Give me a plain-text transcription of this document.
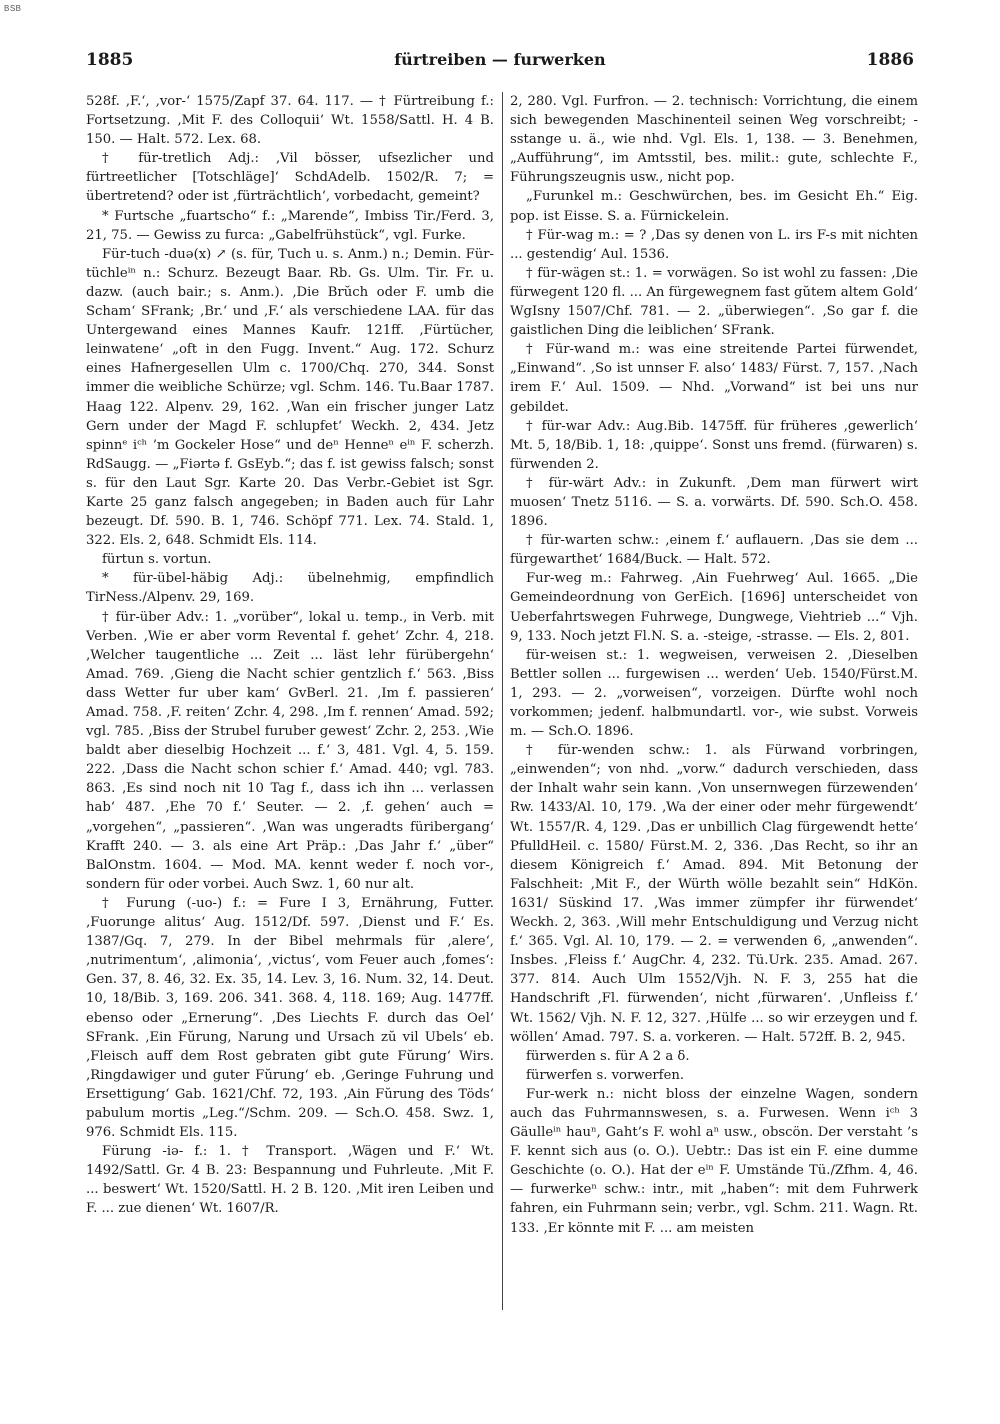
BSB
1885	fürtreiben — furwerken	1886

528f. ‚F.‘, ‚vor-‘ 1575/Zapf 37. 64. 117. — † Fürtreibung f.: Fortsetzung. ‚Mit F. des Colloquii‘ Wt. 1558/Sattl. H. 4 B. 150. — Halt. 572. Lex. 68.

† für-tretlich Adj.: ‚Vil bösser, ufsezlicher und fürtreetlicher [Totschläge]‘ SchdAdelb. 1502/R. 7; = übertretend? oder ist ‚fürträchtlich‘, vorbedacht, gemeint?

* Furtsche „fuartscho“ f.: „Marende“, Imbiss Tir./Ferd. 3, 21, 75. — Gewiss zu furca: „Gabelfrühstück“, vgl. Furke.

Für-tuch -duə(x) ↗ (s. für, Tuch u. s. Anm.) n.; Demin. Für-tüchleⁱⁿ n.: Schurz. Bezeugt Baar. Rb. Gs. Ulm. Tir. Fr. u. dazw. (auch bair.; s. Anm.). ‚Die Brŭch oder F. umb die Scham‘ SFrank; ‚Br.‘ und ‚F.‘ als verschiedene LAA. für das Untergewand eines Mannes Kaufr. 121ff. ‚Fürtücher, leinwatene‘ „oft in den Fugg. Invent.“ Aug. 172. Schurz eines Hafnergesellen Ulm c. 1700/Chq. 270, 344. Sonst immer die weibliche Schürze; vgl. Schm. 146. Tu.Baar 1787. Haag 122. Alpenv. 29, 162. ‚Wan ein frischer junger Latz Gern under der Magd F. schlupfet‘ Weckh. 2, 434. Jetz spinnᵉ iᶜʰ ’m Gockeler Hose“ und deⁿ Henneⁿ eⁱⁿ F. scherzh. RdSaugg. — „Fiərtə f. GsEyb.“; das f. ist gewiss falsch; sonst s. für den Laut Sgr. Karte 20. Das Verbr.-Gebiet ist Sgr. Karte 25 ganz falsch angegeben; in Baden auch für Lahr bezeugt. Df. 590. B. 1, 746. Schöpf 771. Lex. 74. Stald. 1, 322. Els. 2, 648. Schmidt Els. 114.

fürtun s. vortun.

* für-übel-häbig Adj.: übelnehmig, empfindlich TirNess./Alpenv. 29, 169.

† für-über Adv.: 1. „vorüber“, lokal u. temp., in Verb. mit Verben. ‚Wie er aber vorm Revental f. gehet‘ Zchr. 4, 218. ‚Welcher taugentliche ... Zeit ... läst lehr fürübergehn‘ Amad. 769. ‚Gieng die Nacht schier gentzlich f.‘ 563. ‚Biss dass Wetter fur uber kam‘ GvBerl. 21. ‚Im f. passieren‘ Amad. 758. ‚F. reiten‘ Zchr. 4, 298. ‚Im f. rennen‘ Amad. 592; vgl. 785. ‚Biss der Strubel furuber gewest‘ Zchr. 2, 253. ‚Wie baldt aber dieselbig Hochzeit ... f.‘ 3, 481. Vgl. 4, 5. 159. 222. ‚Dass die Nacht schon schier f.‘ Amad. 440; vgl. 783. 863. ‚Es sind noch nit 10 Tag f., dass ich ihn ... verlassen hab‘ 487. ‚Ehe 70 f.‘ Seuter. — 2. ‚f. gehen‘ auch = „vorgehen“, „passieren“. ‚Wan was ungeradts füribergang‘ Krafft 240. — 3. als eine Art Präp.: ‚Das Jahr f.‘ „über“ BalOnstm. 1604. — Mod. MA. kennt weder f. noch vor-, sondern für oder vorbei. Auch Swz. 1, 60 nur alt.

† Furung (-uo-) f.: = Fure I 3, Ernährung, Futter. ‚Fuorunge alitus‘ Aug. 1512/Df. 597. ‚Dienst und F.‘ Es. 1387/Gq. 7, 279. In der Bibel mehrmals für ‚alere‘, ‚nutrimentum‘, ‚alimonia‘, ‚victus‘, vom Feuer auch ‚fomes‘: Gen. 37, 8. 46, 32. Ex. 35, 14. Lev. 3, 16. Num. 32, 14. Deut. 10, 18/Bib. 3, 169. 206. 341. 368. 4, 118. 169; Aug. 1477ff. ebenso oder „Ernerung“. ‚Des Liechts F. durch das Oel‘ SFrank. ‚Ein Fŭrung, Narung und Ursach zŭ vil Ubels‘ eb. ‚Fleisch auff dem Rost gebraten gibt gute Fŭrung‘ Wirs. ‚Ringdawiger und guter Fŭrung‘ eb. ‚Geringe Fuhrung und Ersettigung‘ Gab. 1621/Chf. 72, 193. ‚Ain Fŭrung des Töds‘ pabulum mortis „Leg.“/Schm. 209. — Sch.O. 458. Swz. 1, 976. Schmidt Els. 115.

Fürung -iə- f.: 1. † Transport. ‚Wägen und F.‘ Wt. 1492/Sattl. Gr. 4 B. 23: Bespannung und Fuhrleute. ‚Mit F. ... beswert‘ Wt. 1520/Sattl. H. 2 B. 120. ‚Mit iren Leiben und F. ... zue dienen‘ Wt. 1607/R.

2, 280. Vgl. Furfron. — 2. technisch: Vorrichtung, die einem sich bewegenden Maschinenteil seinen Weg vorschreibt; -sstange u. ä., wie nhd. Vgl. Els. 1, 138. — 3. Benehmen, „Aufführung“, im Amtsstil, bes. milit.: gute, schlechte F., Führungszeugnis usw., nicht pop.

„Furunkel m.: Geschwürchen, bes. im Gesicht Eh.“ Eig. pop. ist Eisse. S. a. Fürnickelein.

† Für-wag m.: = ? ‚Das sy denen von L. irs F-s mit nichten ... gestendig‘ Aul. 1536.

† für-wägen st.: 1. = vorwägen. So ist wohl zu fassen: ‚Die fürwegent 120 fl. ... An fürgewegnem fast gŭtem altem Gold‘ WgIsny 1507/Chf. 781. — 2. „überwiegen“. ‚So gar f. die gaistlichen Ding die leiblichen‘ SFrank.

† Für-wand m.: was eine streitende Partei fürwendet, „Einwand“. ‚So ist unnser F. also‘ 1483/ Fürst. 7, 157. ‚Nach irem F.‘ Aul. 1509. — Nhd. „Vorwand“ ist bei uns nur gebildet.

† für-war Adv.: Aug.Bib. 1475ff. für früheres ‚gewerlich‘ Mt. 5, 18/Bib. 1, 18: ‚quippe‘. Sonst uns fremd. (fürwaren) s. fürwenden 2.

† für-wärt Adv.: in Zukunft. ‚Dem man fürwert wirt muosen‘ Tnetz 5116. — S. a. vorwärts. Df. 590. Sch.O. 458. 1896.

† für-warten schw.: ‚einem f.‘ auflauern. ‚Das sie dem ... fürgewarthet‘ 1684/Buck. — Halt. 572.

Fur-weg m.: Fahrweg. ‚Ain Fuehrweg‘ Aul. 1665. „Die Gemeindeordnung von GerEich. [1696] unterscheidet von Ueberfahrtswegen Fuhrwege, Dungwege, Viehtrieb ...“ Vjh. 9, 133. Noch jetzt Fl.N. S. a. -steige, -strasse. — Els. 2, 801.

für-weisen st.: 1. wegweisen, verweisen 2. ‚Dieselben Bettler sollen ... furgewisen ... werden‘ Ueb. 1540/Fürst.M. 1, 293. — 2. „vorweisen“, vorzeigen. Dürfte wohl noch vorkommen; jedenf. halbmundartl. vor-, wie subst. Vorweis m. — Sch.O. 1896.

† für-wenden schw.: 1. als Fürwand vorbringen, „einwenden“; von nhd. „vorw.“ dadurch verschieden, dass der Inhalt wahr sein kann. ‚Von unsernwegen fürzewenden‘ Rw. 1433/Al. 10, 179. ‚Wa der einer oder mehr fürgewendt‘ Wt. 1557/R. 4, 129. ‚Das er unbillich Clag fürgewendt hette‘ PfulldHeil. c. 1580/ Fürst.M. 2, 336. ‚Das Recht, so ihr an diesem Königreich f.‘ Amad. 894. Mit Betonung der Falschheit: ‚Mit F., der Würth wölle bezahlt sein“ HdKön. 1631/ Süskind 17. ‚Was immer zümpfer ihr fürwendet‘ Weckh. 2, 363. ‚Will mehr Entschuldigung und Verzug nicht f.‘ 365. Vgl. Al. 10, 179. — 2. = verwenden 6, „anwenden“. Insbes. ‚Fleiss f.‘ AugChr. 4, 232. Tü.Urk. 235. Amad. 267. 377. 814. Auch Ulm 1552/Vjh. N. F. 3, 255 hat die Handschrift ‚Fl. fürwenden‘, nicht ‚fürwaren‘. ‚Unfleiss f.‘ Wt. 1562/ Vjh. N. F. 12, 327. ‚Hülfe ... so wir erzeygen und f. wöllen‘ Amad. 797. S. a. vorkeren. — Halt. 572ff. B. 2, 945.

fürwerden s. für A 2 a δ.

fürwerfen s. vorwerfen.

Fur-werk n.: nicht bloss der einzelne Wagen, sondern auch das Fuhrmannswesen, s. a. Furwesen. Wenn iᶜʰ 3 Gäulleⁱⁿ hauⁿ, Gaht’s F. wohl aⁿ usw., obscön. Der verstaht ’s F. kennt sich aus (o. O.). Uebtr.: Das ist ein F. eine dumme Geschichte (o. O.). Hat der eⁱⁿ F. Umstände Tü./Zfhm. 4, 46. — furwerkeⁿ schw.: intr., mit „haben“: mit dem Fuhrwerk fahren, ein Fuhrmann sein; verbr., vgl. Schm. 211. Wagn. Rt. 133. ‚Er könnte mit F. ... am meisten
